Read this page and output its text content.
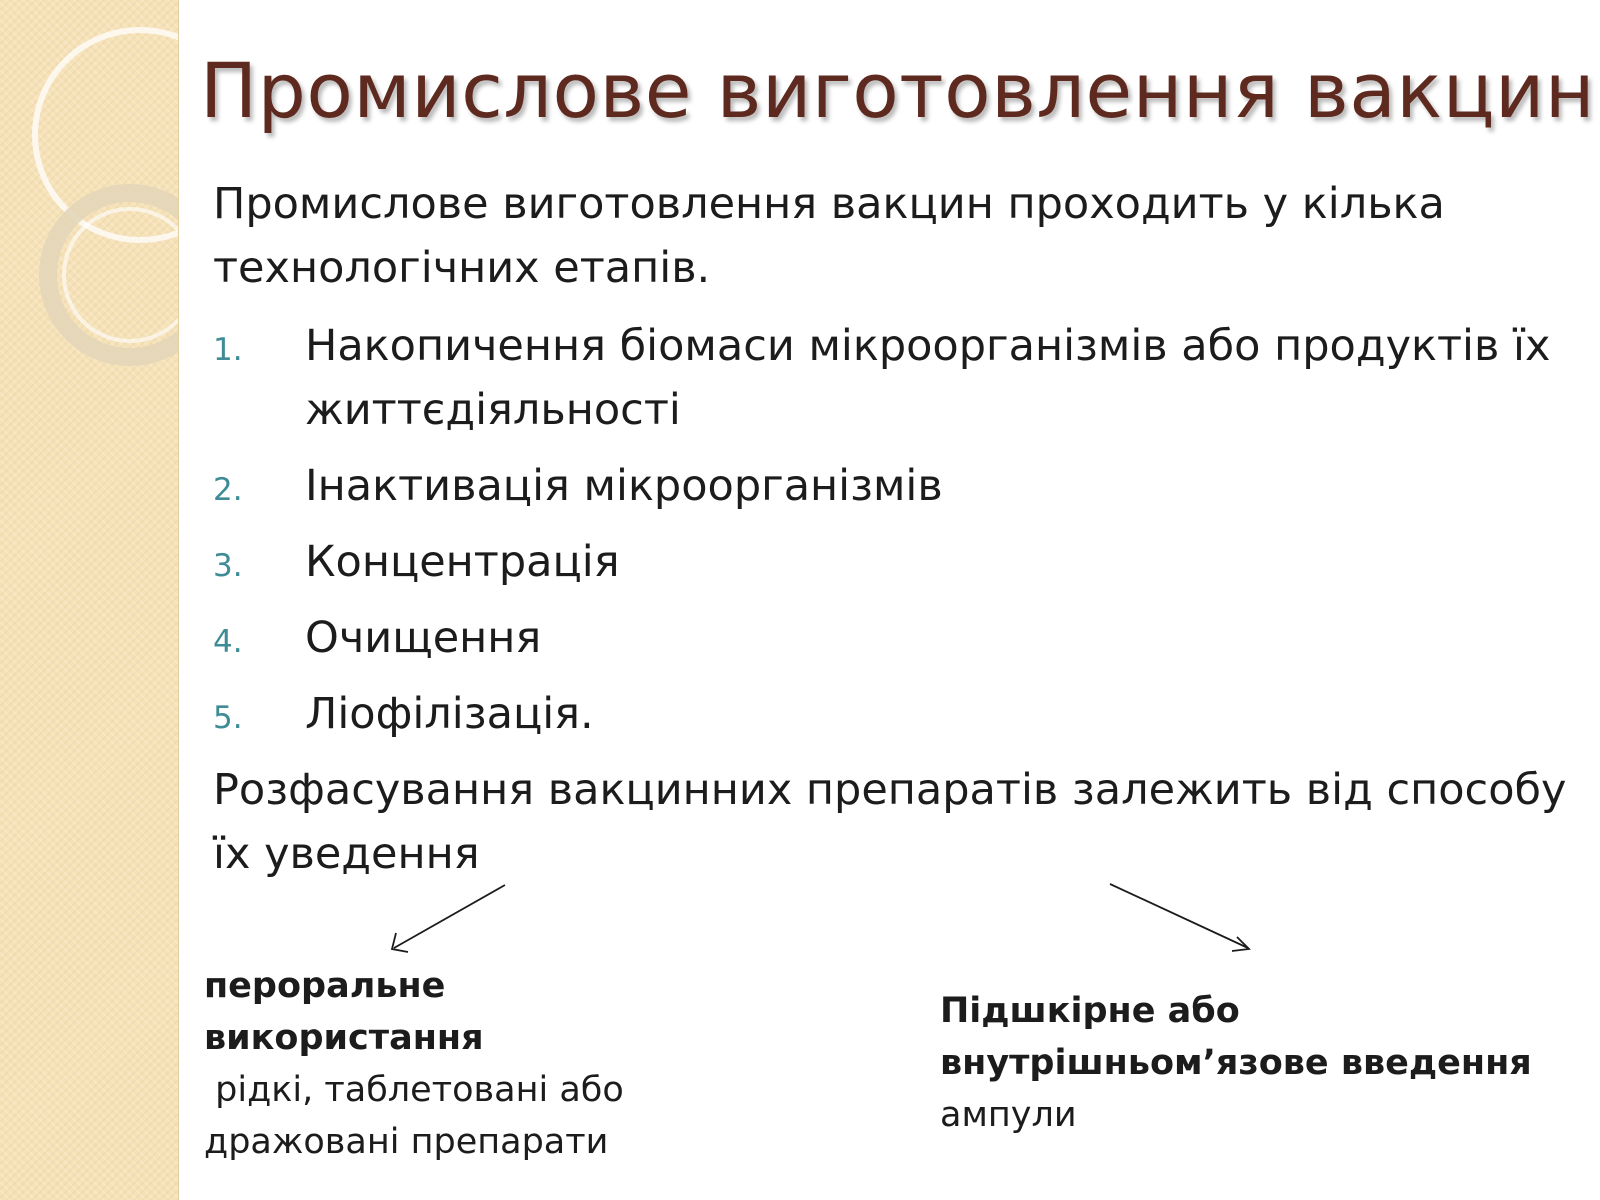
Промислове виготовлення вакцин

Промислове виготовлення вакцин проходить у кілька технологічних етапів.

1. Накопичення біомаси мікроорганізмів або продуктів їх життєдіяльності
2. Інактивація мікроорганізмів
3. Концентрація
4. Очищення
5. Ліофілізація.

Розфасування вакцинних препаратів залежить від способу їх уведення

пероральне
використання
рідкі, таблетовані або
дражовані препарати
Підшкірне або
внутрішньом’язове введення
ампули
